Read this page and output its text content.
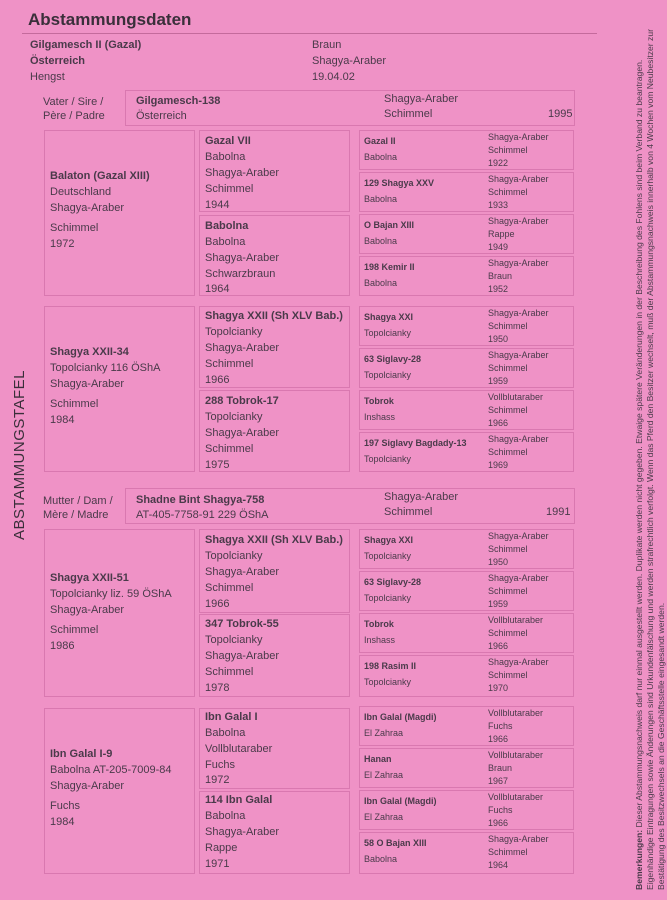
Abstammungsdaten
Gilgamesch II (Gazal)
Österreich
Hengst
Braun
Shagya-Araber
19.04.02
ABSTAMMUNGSTAFEL
Bemerkungen: Dieser Abstammungsnachweis darf nur einmal ausgestellt werden. Duplikate werden nicht gegeben. Etwaige spätere Veränderungen in der Beschreibung des Fohlens sind beim Verband zu beantragen. Eigenhändige Eintragungen sowie Änderungen sind Urkundenfälschung und werden strafrechtlich verfolgt. Wenn das Pferd den Besitzer wechselt, muß der Abstammungsnachweis innerhalb von 4 Wochen vom Neubesitzer zur Bestätigung des Besitzwechsels an die Geschäftsstelle eingesandt werden.
Vater / Sire /
Père / Padre
Gilgamesch-138
Österreich
Shagya-Araber
Schimmel	1995
Mutter / Dam /
Mère / Madre
Shadne Bint Shagya-758
AT-405-7758-91 229 ÖShA
Shagya-Araber
Schimmel	1991
Balaton (Gazal XIII)
Deutschland
Shagya-Araber
Schimmel
1972
Shagya XXII-34
Topolcianky 116 ÖShA
Shagya-Araber
Schimmel
1984
Shagya XXII-51
Topolcianky liz. 59 ÖShA
Shagya-Araber
Schimmel
1986
Ibn Galal I-9
Babolna AT-205-7009-84
Shagya-Araber
Fuchs
1984
Gazal VII
Babolna
Shagya-Araber
Schimmel
1944
Babolna
Babolna
Shagya-Araber
Schwarzbraun
1964
Shagya XXII (Sh XLV Bab.)
Topolcianky
Shagya-Araber
Schimmel
1966
288 Tobrok-17
Topolcianky
Shagya-Araber
Schimmel
1975
Shagya XXII (Sh XLV Bab.)
Topolcianky
Shagya-Araber
Schimmel
1966
347 Tobrok-55
Topolcianky
Shagya-Araber
Schimmel
1978
Ibn Galal I
Babolna
Vollblutaraber
Fuchs
1972
114 Ibn Galal
Babolna
Shagya-Araber
Rappe
1971
Gazal II
Babolna
Shagya-Araber
Schimmel
1922
129 Shagya XXV
Babolna
Shagya-Araber
Schimmel
1933
O Bajan XIII
Babolna
Shagya-Araber
Rappe
1949
198 Kemir II
Babolna
Shagya-Araber
Braun
1952
Shagya XXI
Topolcianky
Shagya-Araber
Schimmel
1950
63 Siglavy-28
Topolcianky
Shagya-Araber
Schimmel
1959
Tobrok
Inshass
Vollblutaraber
Schimmel
1966
197 Siglavy Bagdady-13
Topolcianky
Shagya-Araber
Schimmel
1969
Shagya XXI
Topolcianky
Shagya-Araber
Schimmel
1950
63 Siglavy-28
Topolcianky
Shagya-Araber
Schimmel
1959
Tobrok
Inshass
Vollblutaraber
Schimmel
1966
198 Rasim II
Topolcianky
Shagya-Araber
Schimmel
1970
Ibn Galal (Magdi)
El Zahraa
Vollblutaraber
Fuchs
1966
Hanan
El Zahraa
Vollblutaraber
Braun
1967
Ibn Galal (Magdi)
El Zahraa
Vollblutaraber
Fuchs
1966
58 O Bajan XIII
Babolna
Shagya-Araber
Schimmel
1964
